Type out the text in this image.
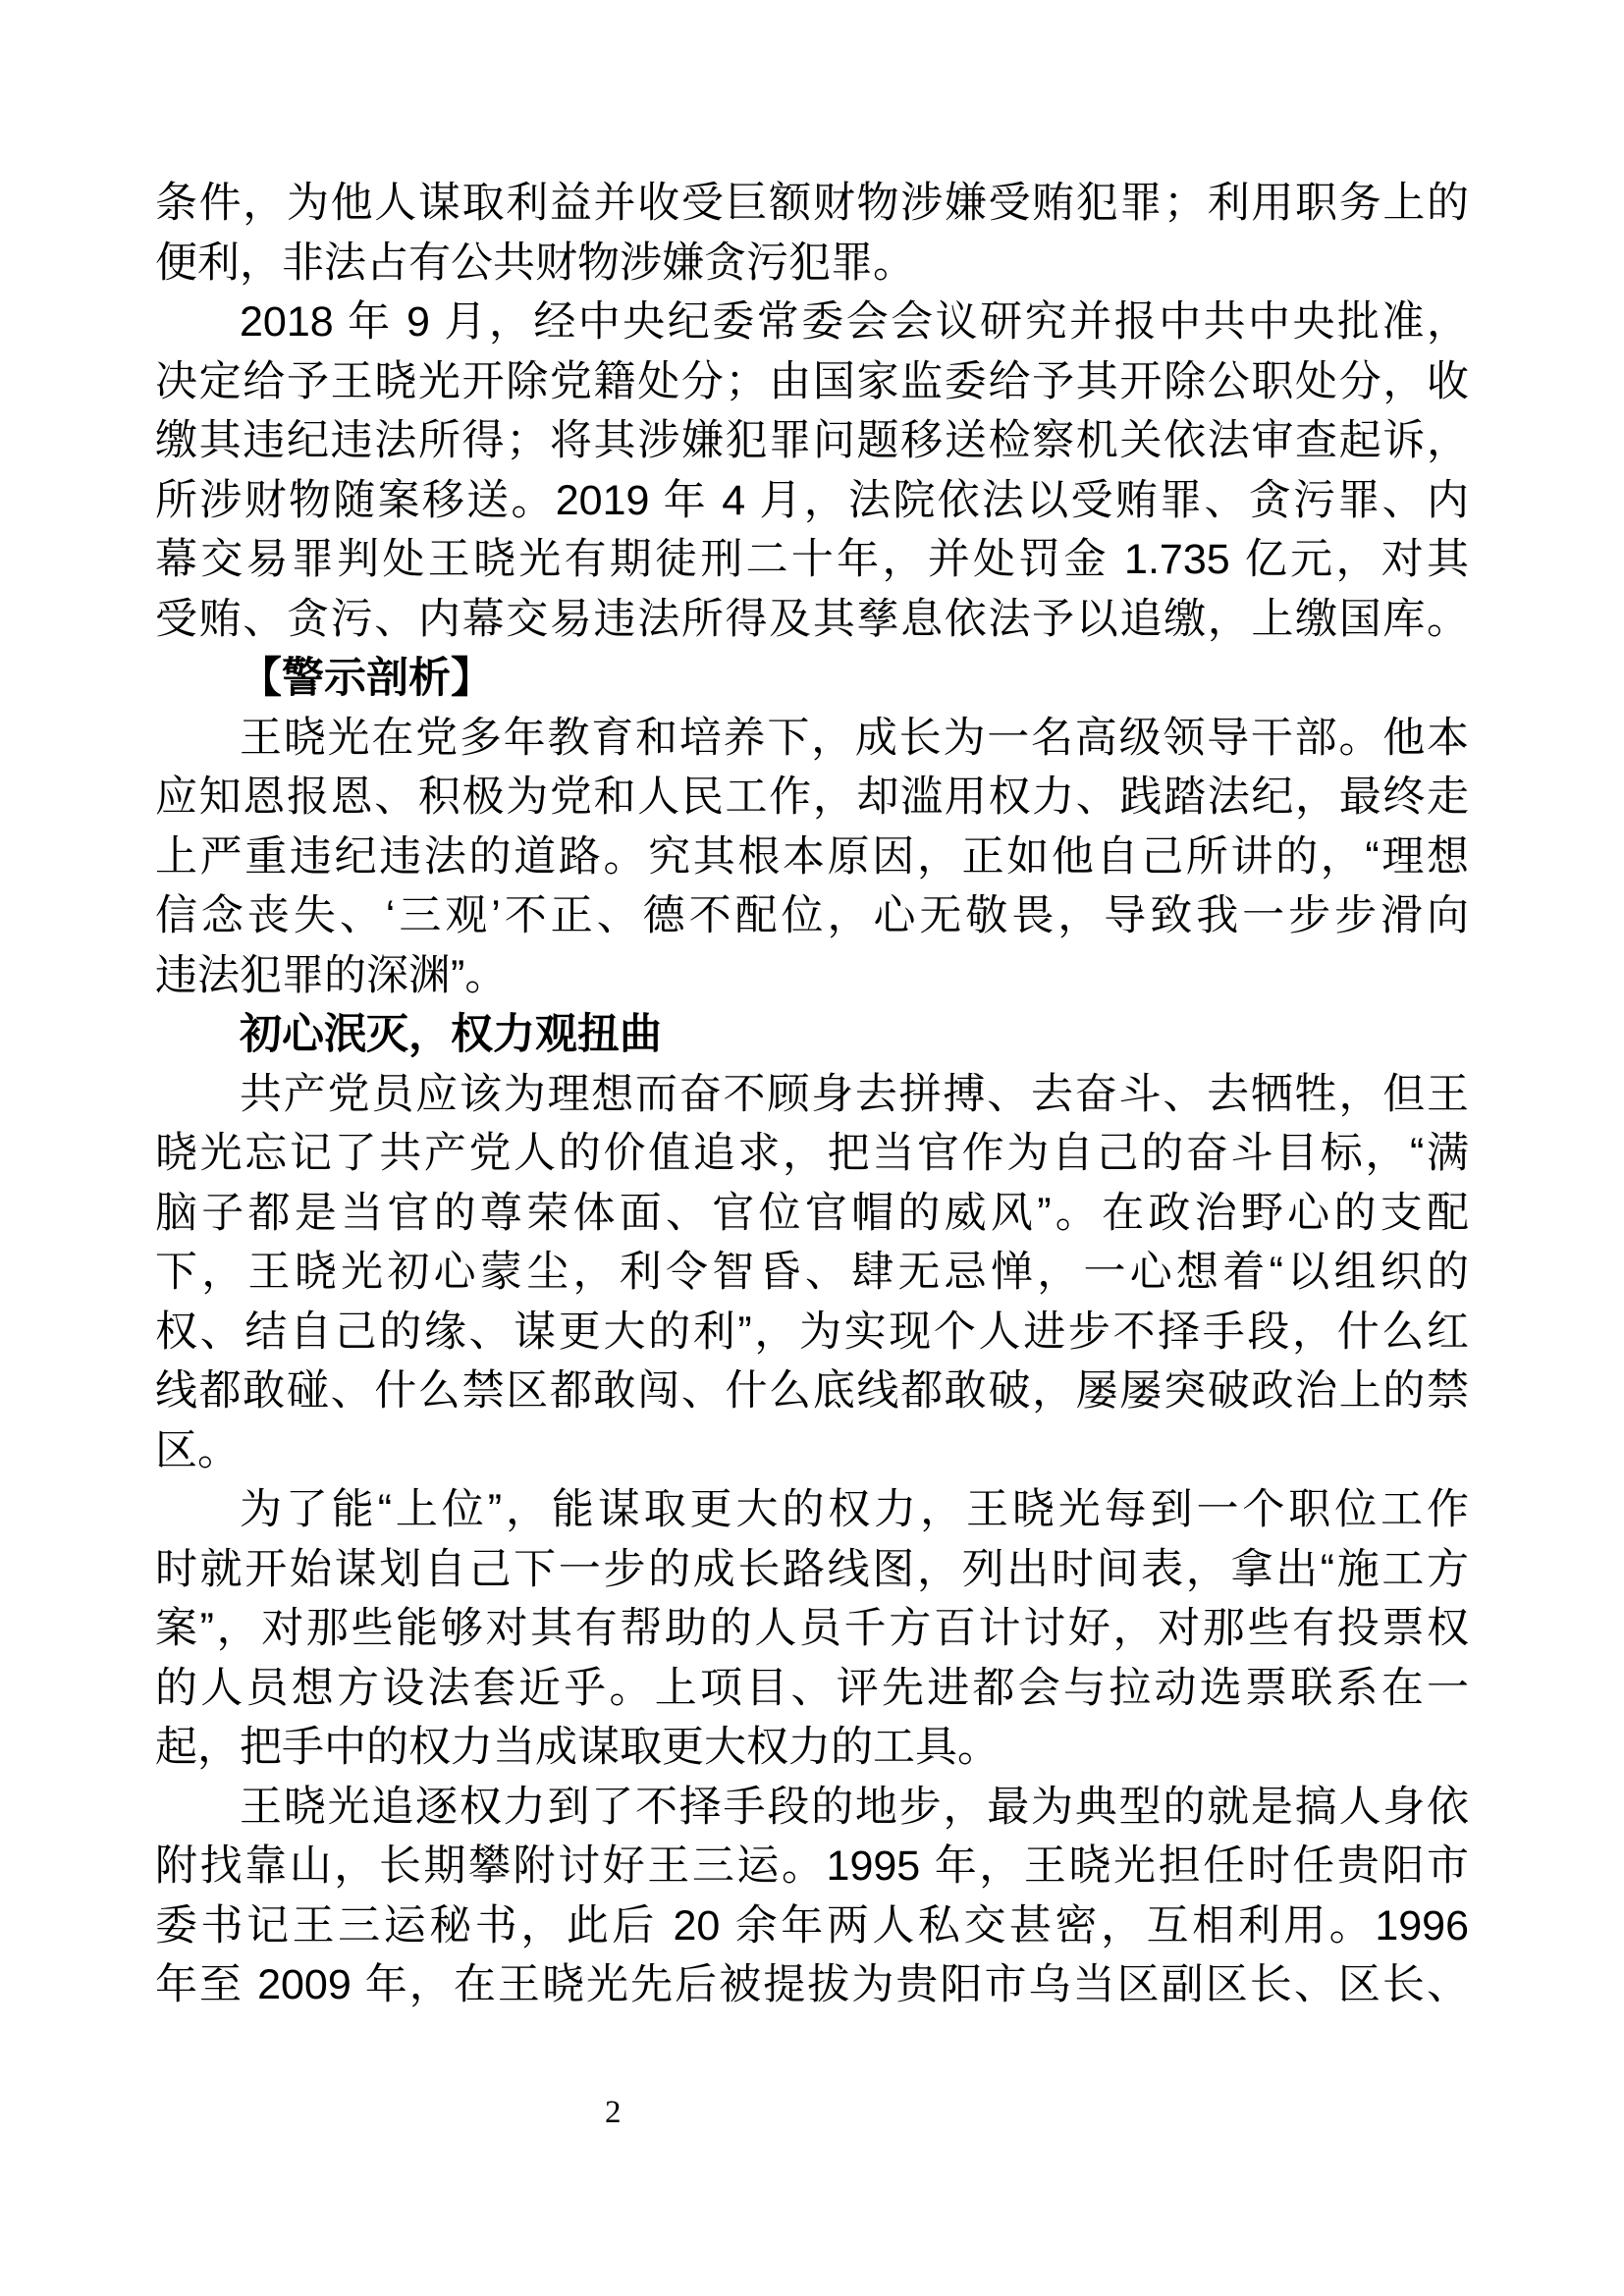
条件，为他人谋取利益并收受巨额财物涉嫌受贿犯罪；利用职务上的
便利，非法占有公共财物涉嫌贪污犯罪。
2018 年 9 月，经中央纪委常委会会议研究并报中共中央批准，
决定给予王晓光开除党籍处分；由国家监委给予其开除公职处分，收
缴其违纪违法所得；将其涉嫌犯罪问题移送检察机关依法审查起诉，
所涉财物随案移送。2019 年 4 月，法院依法以受贿罪、贪污罪、内
幕交易罪判处王晓光有期徒刑二十年，并处罚金 1.735 亿元，对其
受贿、贪污、内幕交易违法所得及其孳息依法予以追缴，上缴国库。
【警示剖析】
王晓光在党多年教育和培养下，成长为一名高级领导干部。他本
应知恩报恩、积极为党和人民工作，却滥用权力、践踏法纪，最终走
上严重违纪违法的道路。究其根本原因，正如他自己所讲的，“理想
信念丧失、‘三观’不正、德不配位，心无敬畏，导致我一步步滑向
违法犯罪的深渊”。
初心泯灭，权力观扭曲
共产党员应该为理想而奋不顾身去拼搏、去奋斗、去牺牲，但王
晓光忘记了共产党人的价值追求，把当官作为自己的奋斗目标，“满
脑子都是当官的尊荣体面、官位官帽的威风”。在政治野心的支配
下，王晓光初心蒙尘，利令智昏、肆无忌惮，一心想着“以组织的
权、结自己的缘、谋更大的利”，为实现个人进步不择手段，什么红
线都敢碰、什么禁区都敢闯、什么底线都敢破，屡屡突破政治上的禁
区。
为了能“上位”，能谋取更大的权力，王晓光每到一个职位工作
时就开始谋划自己下一步的成长路线图，列出时间表，拿出“施工方
案”，对那些能够对其有帮助的人员千方百计讨好，对那些有投票权
的人员想方设法套近乎。上项目、评先进都会与拉动选票联系在一
起，把手中的权力当成谋取更大权力的工具。
王晓光追逐权力到了不择手段的地步，最为典型的就是搞人身依
附找靠山，长期攀附讨好王三运。1995 年，王晓光担任时任贵阳市
委书记王三运秘书，此后 20 余年两人私交甚密，互相利用。1996
年至 2009 年，在王晓光先后被提拔为贵阳市乌当区副区长、区长、
2
